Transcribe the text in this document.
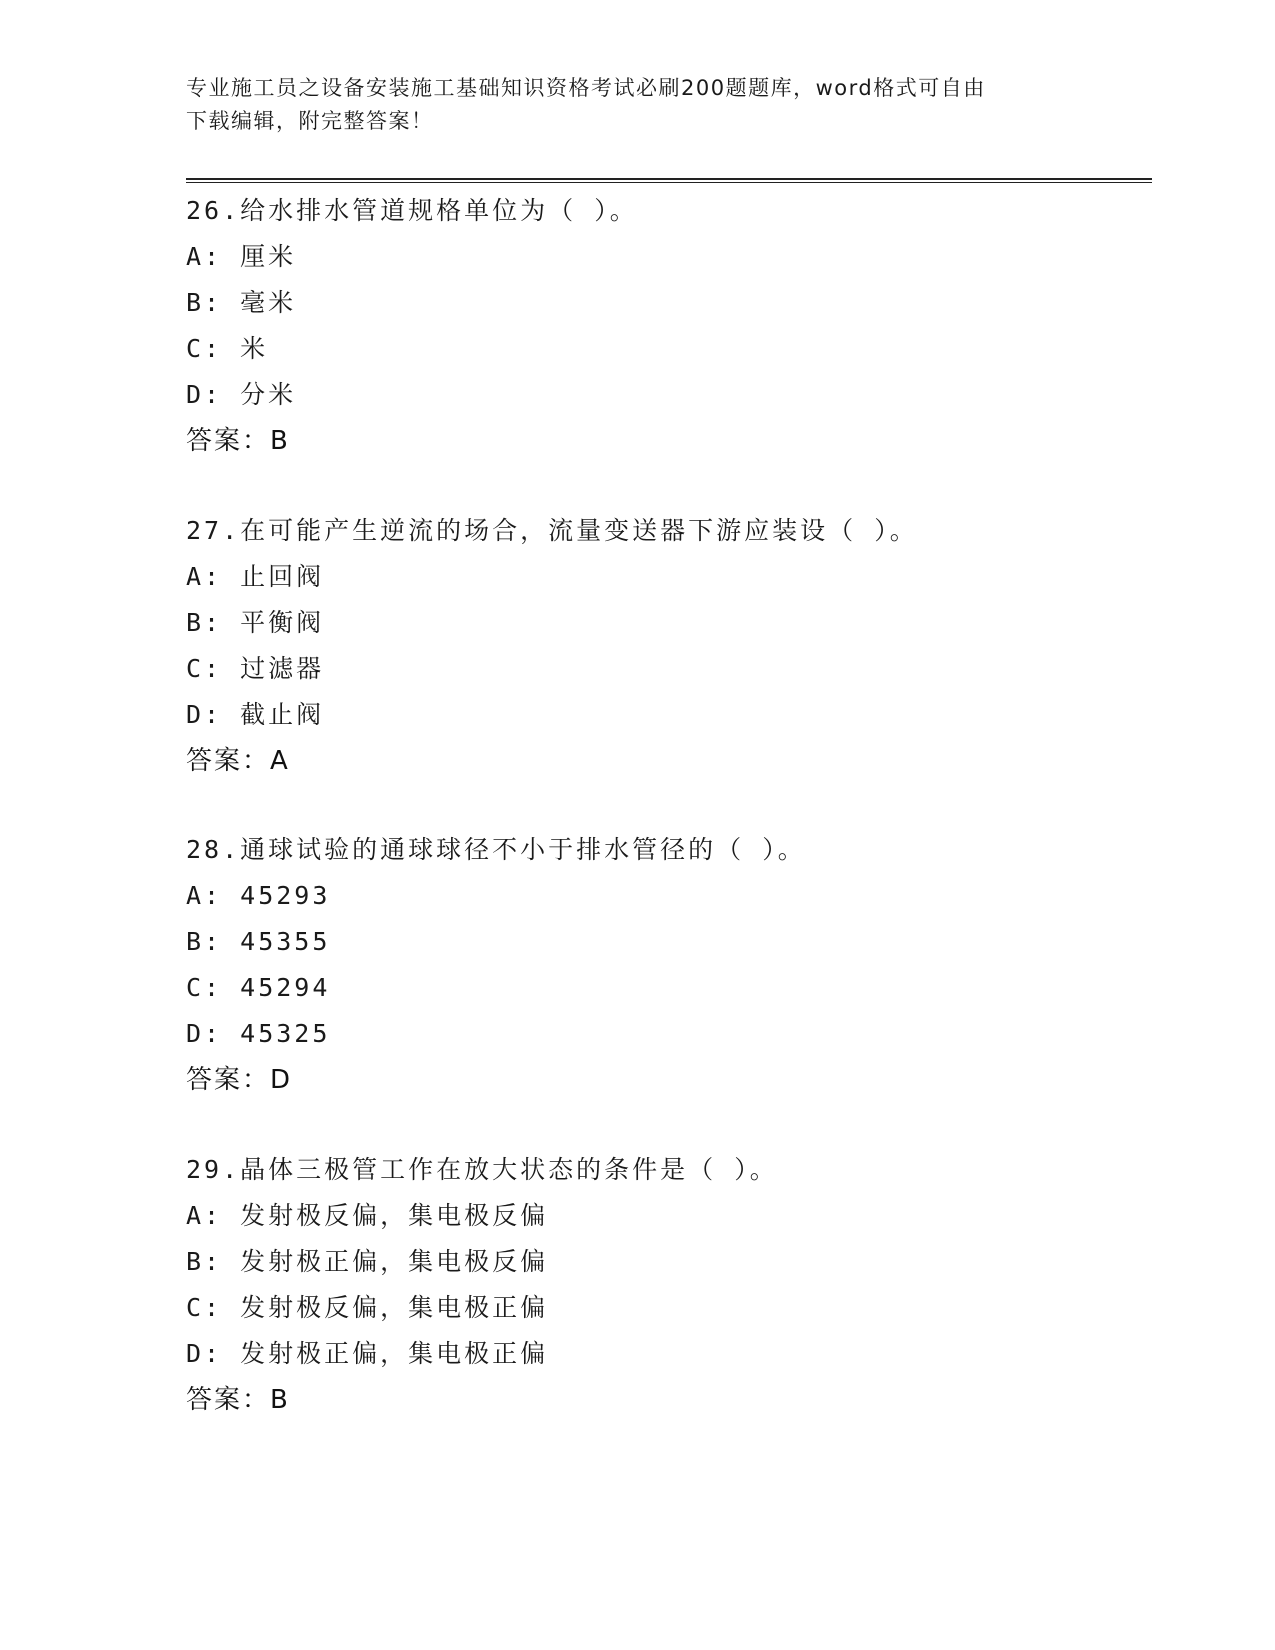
专业施工员之设备安装施工基础知识资格考试必刷200题题库，word格式可自由
下载编辑，附完整答案！
26.给水排水管道规格单位为（ ）。
A: 厘米
B: 毫米
C: 米
D: 分米
答案：B
27.在可能产生逆流的场合，流量变送器下游应装设（ ）。
A: 止回阀
B: 平衡阀
C: 过滤器
D: 截止阀
答案：A
28.通球试验的通球球径不小于排水管径的（ ）。
A: 45293
B: 45355
C: 45294
D: 45325
答案：D
29.晶体三极管工作在放大状态的条件是（ ）。
A: 发射极反偏，集电极反偏
B: 发射极正偏，集电极反偏
C: 发射极反偏，集电极正偏
D: 发射极正偏，集电极正偏
答案：B
